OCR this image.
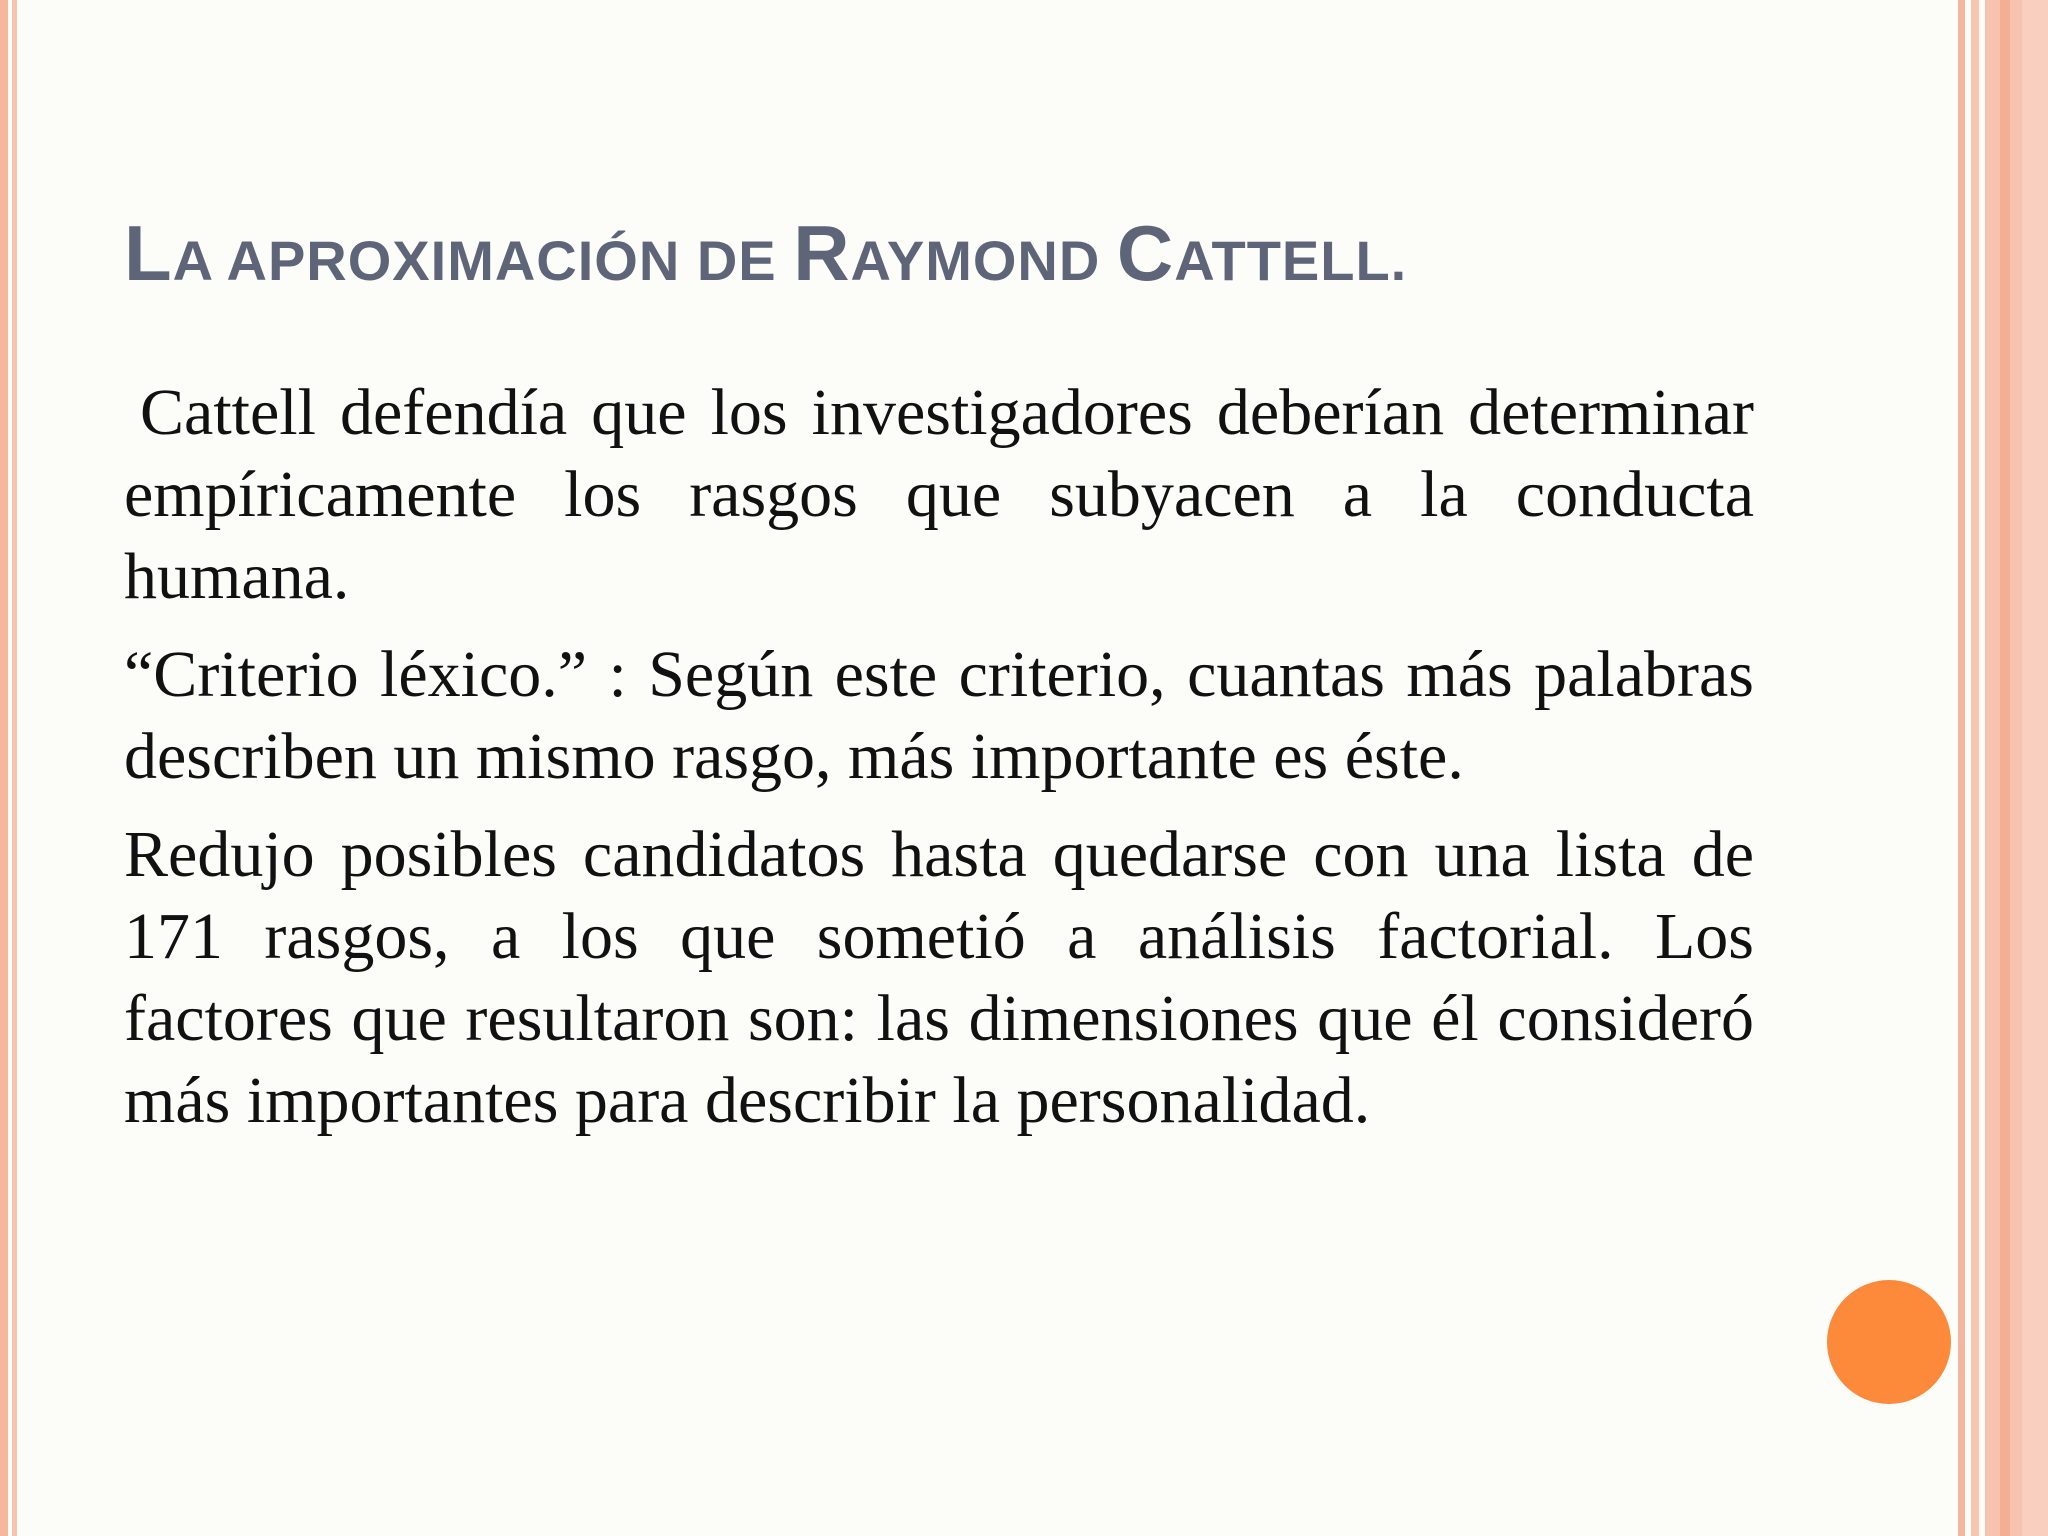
LA APROXIMACIÓN DE RAYMOND CATTELL.

Cattell defendía que los investigadores deberían determinar empíricamente los rasgos que subyacen a la conducta humana.

“Criterio léxico.” : Según este criterio, cuantas más palabras describen un mismo rasgo, más importante es éste.

Redujo posibles candidatos hasta quedarse con una lista de 171 rasgos, a los que sometió a análisis factorial. Los factores que resultaron son: las dimensiones que él consideró más importantes para describir la personalidad.
